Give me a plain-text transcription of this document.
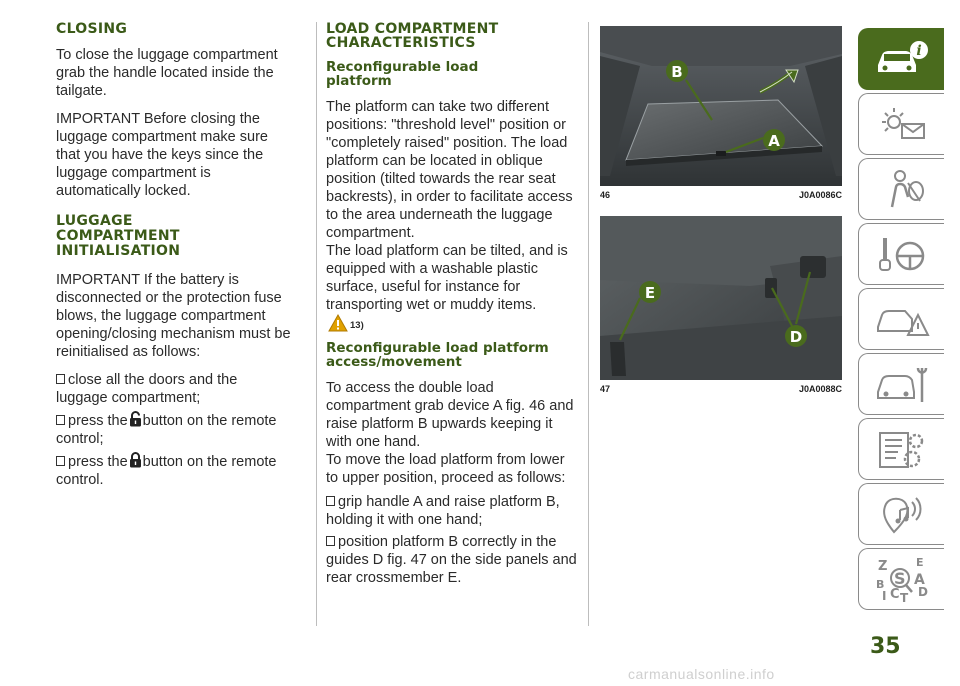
CLOSING
To close the luggage compartment grab the handle located inside the tailgate.
IMPORTANT Before closing the luggage compartment make sure that you have the keys since the luggage compartment is automatically locked.
LUGGAGE COMPARTMENT INITIALISATION
IMPORTANT If the battery is disconnected or the protection fuse blows, the luggage compartment opening/closing mechanism must be reinitialised as follows:
close all the doors and the luggage compartment;
press the button on the remote control;
press the button on the remote control.
LOAD COMPARTMENT CHARACTERISTICS
Reconfigurable load platform
The platform can take two different positions: "threshold level" position or "completely raised" position. The load platform can be located in oblique position (tilted towards the rear seat backrests), in order to facilitate access to the area underneath the luggage compartment.
The load platform can be tilted, and is equipped with a washable plastic surface, useful for instance for transporting wet or muddy items.
13)
Reconfigurable load platform access/movement
To access the double load compartment grab device A fig. 46 and raise platform B upwards keeping it with one hand.
To move the load platform from lower to upper position, proceed as follows:
grip handle A and raise platform B, holding it with one hand;
position platform B correctly in the guides D fig. 47 on the side panels and rear crossmember E.
B
A
46	J0A0086C
E
D
47	J0A0088C
i
Z	E
S A
B
C T D
I
35
carmanualsonline.info
